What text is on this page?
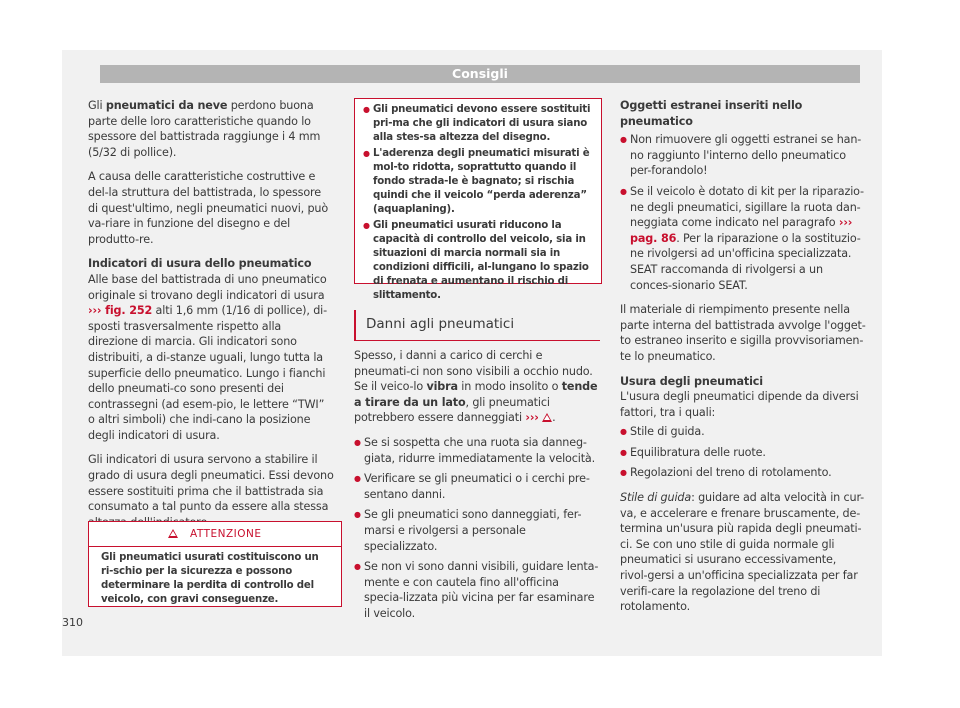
Consigli

Gli pneumatici da neve perdono buona parte delle loro caratteristiche quando lo spessore del battistrada raggiunge i 4 mm (5/32 di pollice).

A causa delle caratteristiche costruttive e del-la struttura del battistrada, lo spessore di quest'ultimo, negli pneumatici nuovi, può va-riare in funzione del disegno e del produtto-re.

Indicatori di usura dello pneumatico

Alle base del battistrada di uno pneumatico originale si trovano degli indicatori di usura ››› fig. 252 alti 1,6 mm (1/16 di pollice), di-sposti trasversalmente rispetto alla direzione di marcia. Gli indicatori sono distribuiti, a di-stanze uguali, lungo tutta la superficie dello pneumatico. Lungo i fianchi dello pneumati-co sono presenti dei contrassegni (ad esem-pio, le lettere “TWI” o altri simboli) che indi-cano la posizione degli indicatori di usura.

Gli indicatori di usura servono a stabilire il grado di usura degli pneumatici. Essi devono essere sostituiti prima che il battistrada sia consumato a tal punto da essere alla stessa

ATTENZIONE
Gli pneumatici usurati costituiscono un ri-schio per la sicurezza e possono determinare la perdita di controllo del veicolo, con gravi conseguenze.
● Gli pneumatici devono essere sostituiti pri-ma che gli indicatori di usura siano alla stes-sa altezza del disegno.
● L'aderenza degli pneumatici misurati è mol-to ridotta, soprattutto quando il fondo strada-le è bagnato; si rischia quindi che il veicolo “perda aderenza” (aquaplaning).
● Gli pneumatici usurati riducono la capacità di controllo del veicolo, sia in situazioni di marcia normali sia in condizioni difficili, al-lungano lo spazio di frenata e aumentano il rischio di slittamento.
Danni agli pneumatici

Spesso, i danni a carico di cerchi e pneumati-ci non sono visibili a occhio nudo. Se il veico-lo vibra in modo insolito o tende a tirare da un lato, gli pneumatici potrebbero essere danneggiati ››› .

● Se si sospetta che una ruota sia danneg-giata, ridurre immediatamente la velocità.
● Verificare se gli pneumatici o i cerchi pre-sentano danni.
● Se gli pneumatici sono danneggiati, fer-marsi e rivolgersi a personale specializzato.
● Se non vi sono danni visibili, guidare lenta-mente e con cautela fino all'officina specia-lizzata più vicina per far esaminare il veicolo.

Oggetti estranei inseriti nello pneumatico

● Non rimuovere gli oggetti estranei se han-no raggiunto l'interno dello pneumatico per-forandolo!
● Se il veicolo è dotato di kit per la riparazio-ne degli pneumatici, sigillare la ruota dan-neggiata come indicato nel paragrafo ››› pag. 86. Per la riparazione o la sostituzio-ne rivolgersi ad un'officina specializzata. SEAT raccomanda di rivolgersi a un conces-sionario SEAT.

Il materiale di riempimento presente nella parte interna del battistrada avvolge l'ogget-to estraneo inserito e sigilla provvisoriamen-te lo pneumatico.

Usura degli pneumatici

L'usura degli pneumatici dipende da diversi fattori, tra i quali:

● Stile di guida.
● Equilibratura delle ruote.
● Regolazioni del treno di rotolamento.

Stile di guida: guidare ad alta velocità in cur-va, e accelerare e frenare bruscamente, de-termina un'usura più rapida degli pneumati-ci. Se con uno stile di guida normale gli pneumatici si usurano eccessivamente, rivol-gersi a un'officina specializzata per far verifi-care la regolazione del treno di rotolamento.

310
